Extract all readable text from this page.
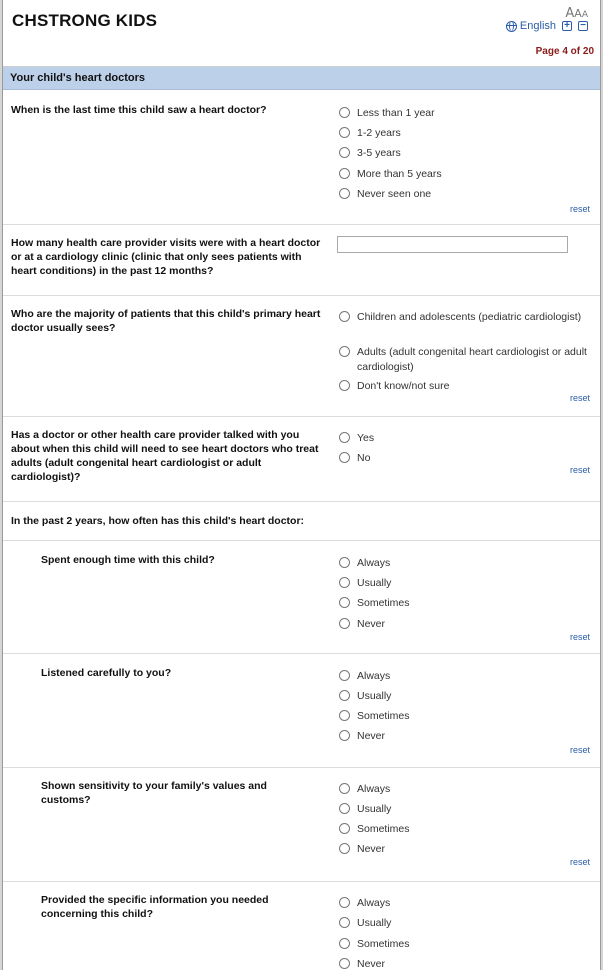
CHSTRONG KIDS	AAA
English + −
Page 4 of 20
Your child's heart doctors
When is the last time this child saw a heart doctor?	Less than 1 year
1-2 years
3-5 years
More than 5 years
Never seen one
reset
How many health care provider visits were with a heart doctor or at a cardiology clinic (clinic that only sees patients with heart conditions) in the past 12 months?
Who are the majority of patients that this child's primary heart doctor usually sees?
Children and adolescents (pediatric cardiologist)
Adults (adult congenital heart cardiologist or adult cardiologist)
Don't know/not sure
reset
Has a doctor or other health care provider talked with you about when this child will need to see heart doctors who treat adults (adult congenital heart cardiologist or adult cardiologist)?
Yes
No
reset
In the past 2 years, how often has this child's heart doctor:
Spent enough time with this child?	Always
Usually
Sometimes
Never
reset
Listened carefully to you?	Always
Usually
Sometimes
Never
reset
Shown sensitivity to your family's values and customs?
Always
Usually
Sometimes
Never
reset
Provided the specific information you needed concerning this child?
Always
Usually
Sometimes
Never
